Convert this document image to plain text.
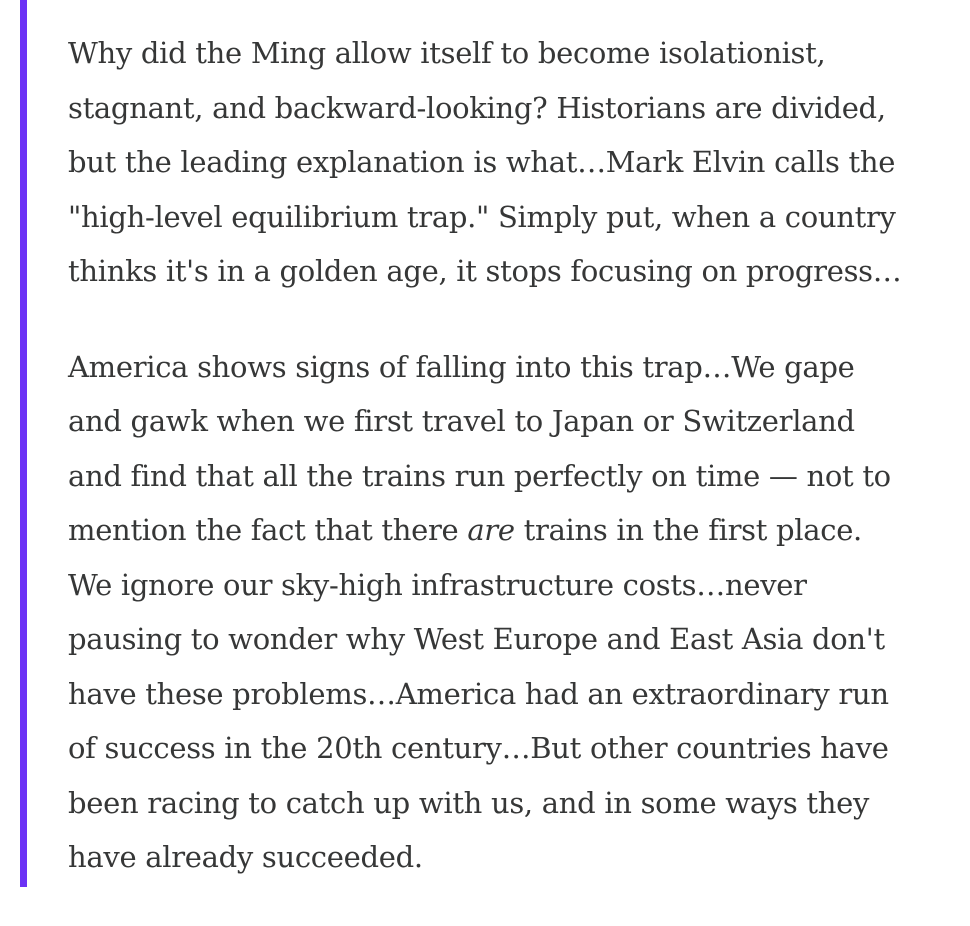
Why did the Ming allow itself to become isolationist,
stagnant, and backward-looking? Historians are divided,
but the leading explanation is what…Mark Elvin calls the
"high-level equilibrium trap." Simply put, when a country
thinks it's in a golden age, it stops focusing on progress…

America shows signs of falling into this trap…We gape
and gawk when we first travel to Japan or Switzerland
and find that all the trains run perfectly on time — not to
mention the fact that there are trains in the first place.
We ignore our sky-high infrastructure costs…never
pausing to wonder why West Europe and East Asia don't
have these problems…America had an extraordinary run
of success in the 20th century…But other countries have
been racing to catch up with us, and in some ways they
have already succeeded.
